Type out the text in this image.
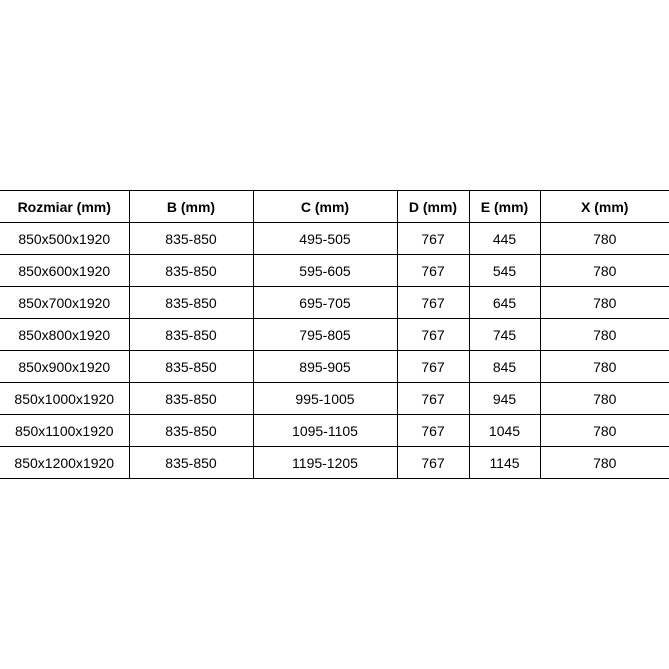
Rozmiar (mm)	B (mm)	C (mm)	D (mm)	E (mm)	X (mm)
850x500x1920	835-850	495-505	767	445	780
850x600x1920	835-850	595-605	767	545	780
850x700x1920	835-850	695-705	767	645	780
850x800x1920	835-850	795-805	767	745	780
850x900x1920	835-850	895-905	767	845	780
850x1000x1920	835-850	995-1005	767	945	780
850x1100x1920	835-850	1095-1105	767	1045	780
850x1200x1920	835-850	1195-1205	767	1145	780
